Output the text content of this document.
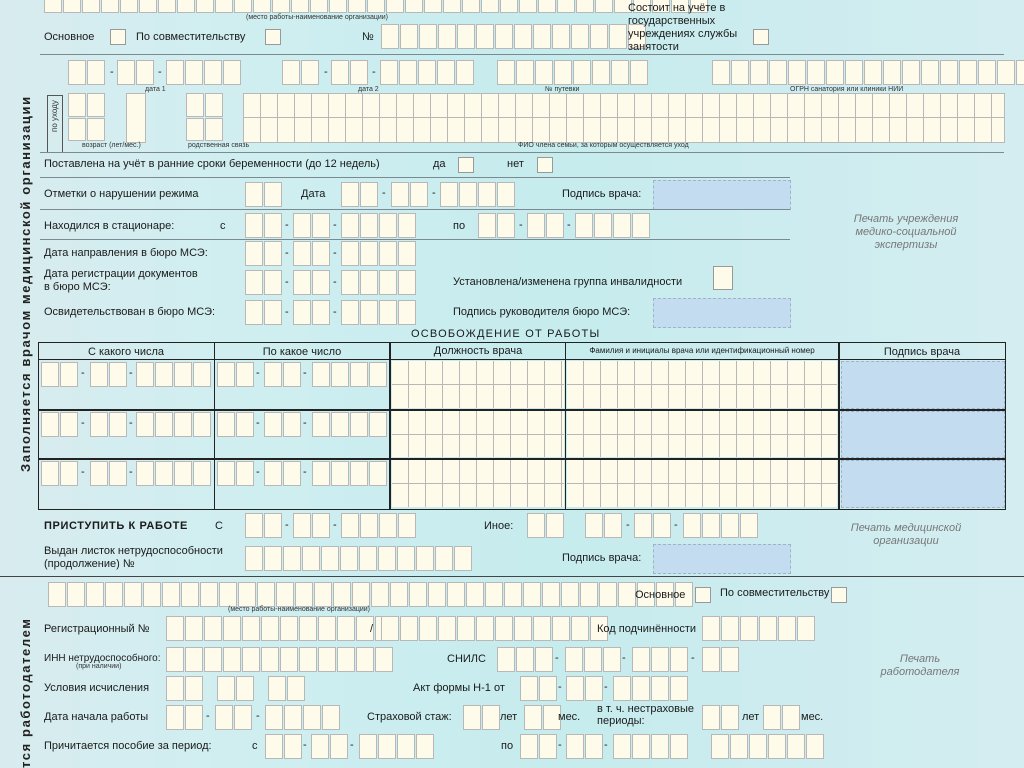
Заполняется врачом медицинской организации
тся работодателем
(место работы-наименование организации)
Основное	По совместительству	№
Состоит на учёте в государственных учреждениях службы занятости
-	-
дата 1
-	-
дата 2	№ путевки	ОГРН санатория или клиники НИИ
по уходу
возраст (лет/мес.)	родственная связь	ФИО члена семьи, за которым осуществляется уход
Поставлена на учёт в ранние сроки беременности (до 12 недель)	да	нет
Отметки о нарушении режима	Дата	-	-	Подпись врача:
Находился в стационаре:	с	-	-	по	-	-
Дата направления в бюро МСЭ:	-	-
Дата регистрации документов
в бюро МСЭ:	-	-	Установлена/изменена группа инвалидности
Освидетельствован в бюро МСЭ:	-	-	Подпись руководителя бюро МСЭ:
Печать учреждения медико-социальной экспертизы
ОСВОБОЖДЕНИЕ ОТ РАБОТЫ
С какого числа	По какое число	Должность врача	Фамилия и инициалы врача или идентификационный номер	Подпись врача
-	-	-	-
-	-	-	-
-	-	-	-
ПРИСТУПИТЬ К РАБОТЕ С	-	-	Иное:	-	-
Выдан листок нетрудоспособности
(продолжение) №	Подпись врача:
Печать медицинской организации
(место работы-наименование организации)
Основное	По совместительству
Регистрационный №	/	Код подчинённости
ИНН нетрудоспособного:
(при наличии)
СНИЛС	-	-	-
Условия исчисления	Акт формы Н-1 от	-	-
Печать работодателя
Дата начала работы	-	-	Страховой стаж:	лет	мес.
в т. ч. нестраховые
периоды:	лет	мес.
Причитается пособие за период:	с	-	-	по	-	-
